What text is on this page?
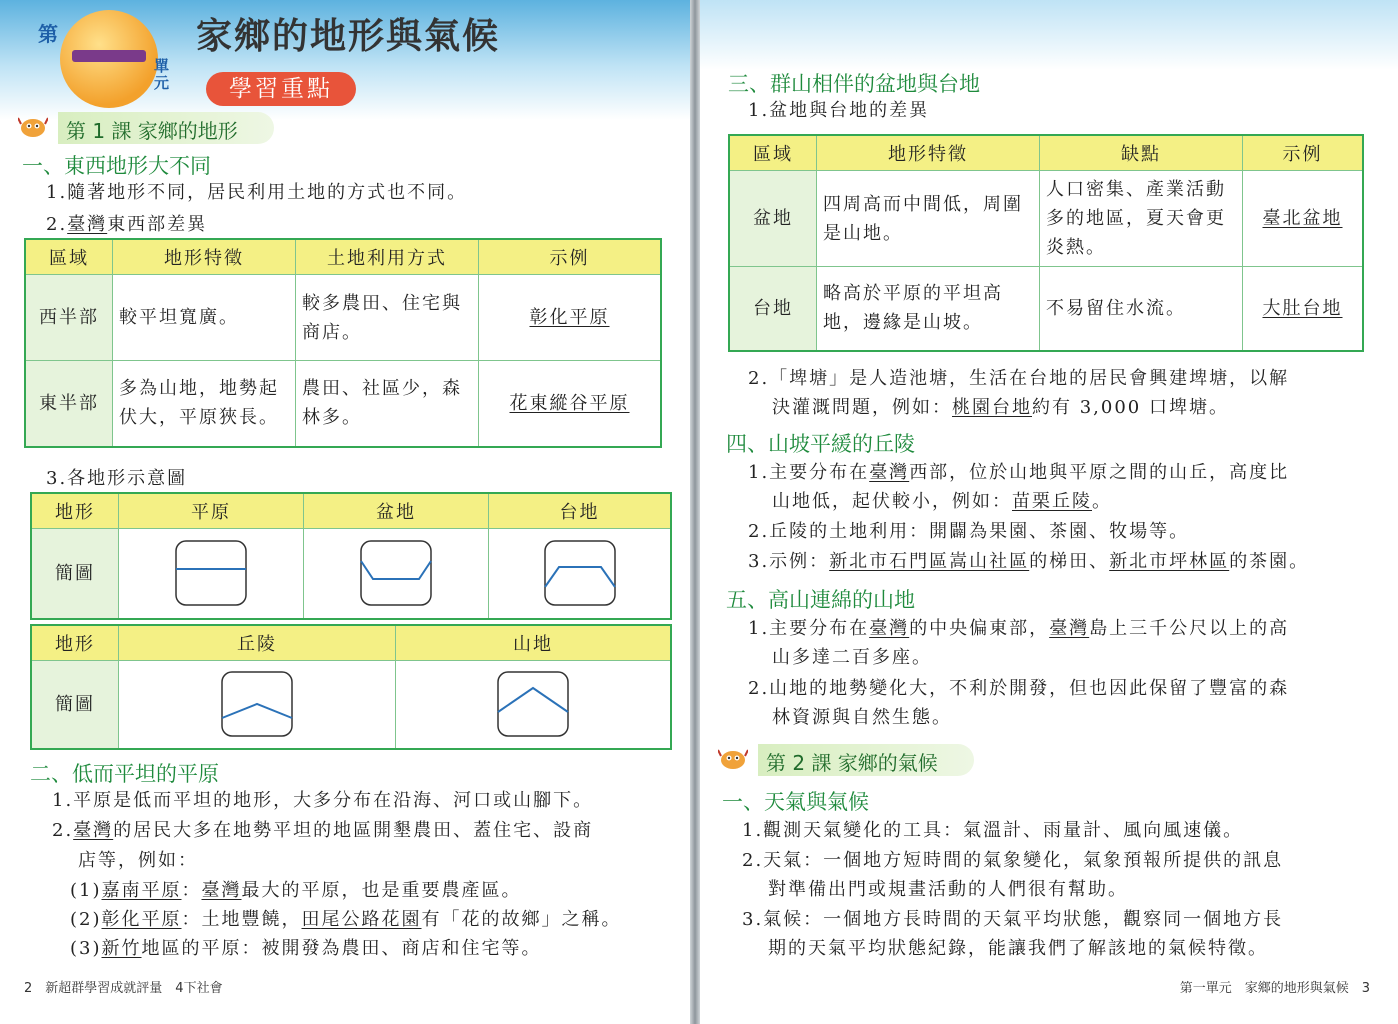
第
單元
家鄉的地形與氣候
學習重點
第 1 課 家鄉的地形
一、東西地形大不同
1.隨著地形不同，居民利用土地的方式也不同。
2.臺灣東西部差異
區域	地形特徵	土地利用方式	示例
西半部	較平坦寬廣。	較多農田、住宅與商店。	彰化平原
東半部	多為山地，地勢起伏大，平原狹長。	農田、社區少，森林多。	花東縱谷平原
3.各地形示意圖
地形	平原	盆地	台地
簡圖	

地形	丘陵	山地
簡圖	

二、低而平坦的平原
1.平原是低而平坦的地形，大多分布在沿海、河口或山腳下。
2.臺灣的居民大多在地勢平坦的地區開墾農田、蓋住宅、設商
店等，例如：
(1)嘉南平原：臺灣最大的平原，也是重要農產區。
(2)彰化平原：土地豐饒，田尾公路花園有「花的故鄉」之稱。
(3)新竹地區的平原：被開發為農田、商店和住宅等。
2　 新超群學習成就評量　4下社會
三、群山相伴的盆地與台地
1.盆地與台地的差異
區域	地形特徵	缺點	示例
盆地	四周高而中間低，周圍是山地。	人口密集、產業活動多的地區，夏天會更炎熱。	臺北盆地
台地	略高於平原的平坦高地，邊緣是山坡。	不易留住水流。	大肚台地
2.「埤塘」是人造池塘，生活在台地的居民會興建埤塘，以解
決灌溉問題，例如：桃園台地約有 3,000 口埤塘。
四、山坡平緩的丘陵
1.主要分布在臺灣西部，位於山地與平原之間的山丘，高度比
山地低，起伏較小，例如：苗栗丘陵。
2.丘陵的土地利用：開闢為果園、茶園、牧場等。
3.示例：新北市石門區嵩山社區的梯田、新北市坪林區的茶園。
五、高山連綿的山地
1.主要分布在臺灣的中央偏東部，臺灣島上三千公尺以上的高
山多達二百多座。
2.山地的地勢變化大，不利於開發，但也因此保留了豐富的森
林資源與自然生態。
第 2 課 家鄉的氣候
一、天氣與氣候
1.觀測天氣變化的工具：氣溫計、雨量計、風向風速儀。
2.天氣：一個地方短時間的氣象變化，氣象預報所提供的訊息
對準備出門或規畫活動的人們很有幫助。
3.氣候：一個地方長時間的天氣平均狀態，觀察同一個地方長
期的天氣平均狀態紀錄，能讓我們了解該地的氣候特徵。
第一單元　家鄉的地形與氣候　 3
